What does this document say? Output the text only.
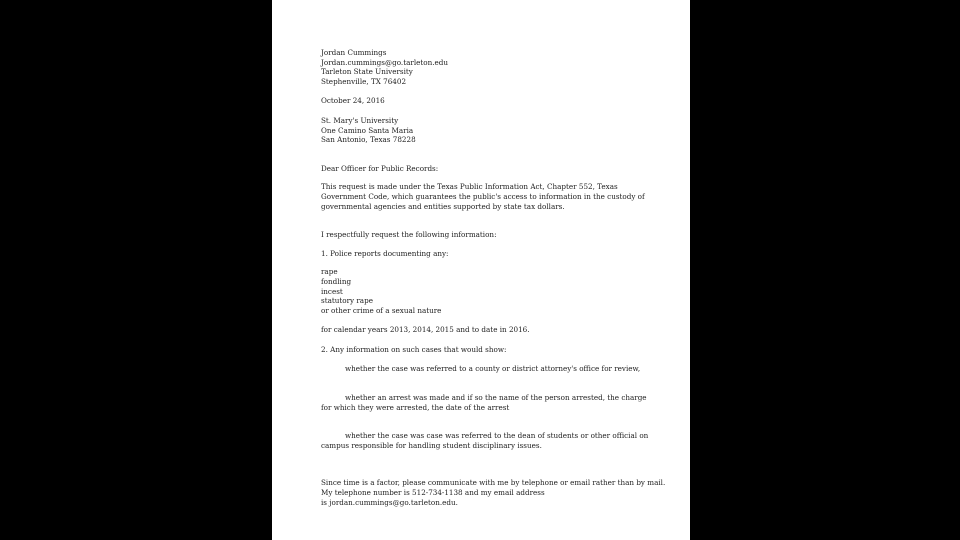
Jordan Cummings
Jordan.cummings@go.tarleton.edu
Tarleton State University
Stephenville, TX 76402
October 24, 2016
St. Mary's University
One Camino Santa Maria
San Antonio, Texas 78228
Dear Officer for Public Records:
This request is made under the Texas Public Information Act, Chapter 552, Texas
Government Code, which guarantees the public's access to information in the custody of
governmental agencies and entities supported by state tax dollars.
I respectfully request the following information:
1. Police reports documenting any:
rape
fondling
incest
statutory rape
or other crime of a sexual nature
for calendar years 2013, 2014, 2015 and to date in 2016.
2. Any information on such cases that would show:
whether the case was referred to a county or district attorney's office for review,
whether an arrest was made and if so the name of the person arrested, the charge
for which they were arrested, the date of the arrest
whether the case was case was referred to the dean of students or other official on
campus responsible for handling student disciplinary issues.
Since time is a factor, please communicate with me by telephone or email rather than by mail.
My telephone number is 512-734-1138 and my email address
is jordan.cummings@go.tarleton.edu.
